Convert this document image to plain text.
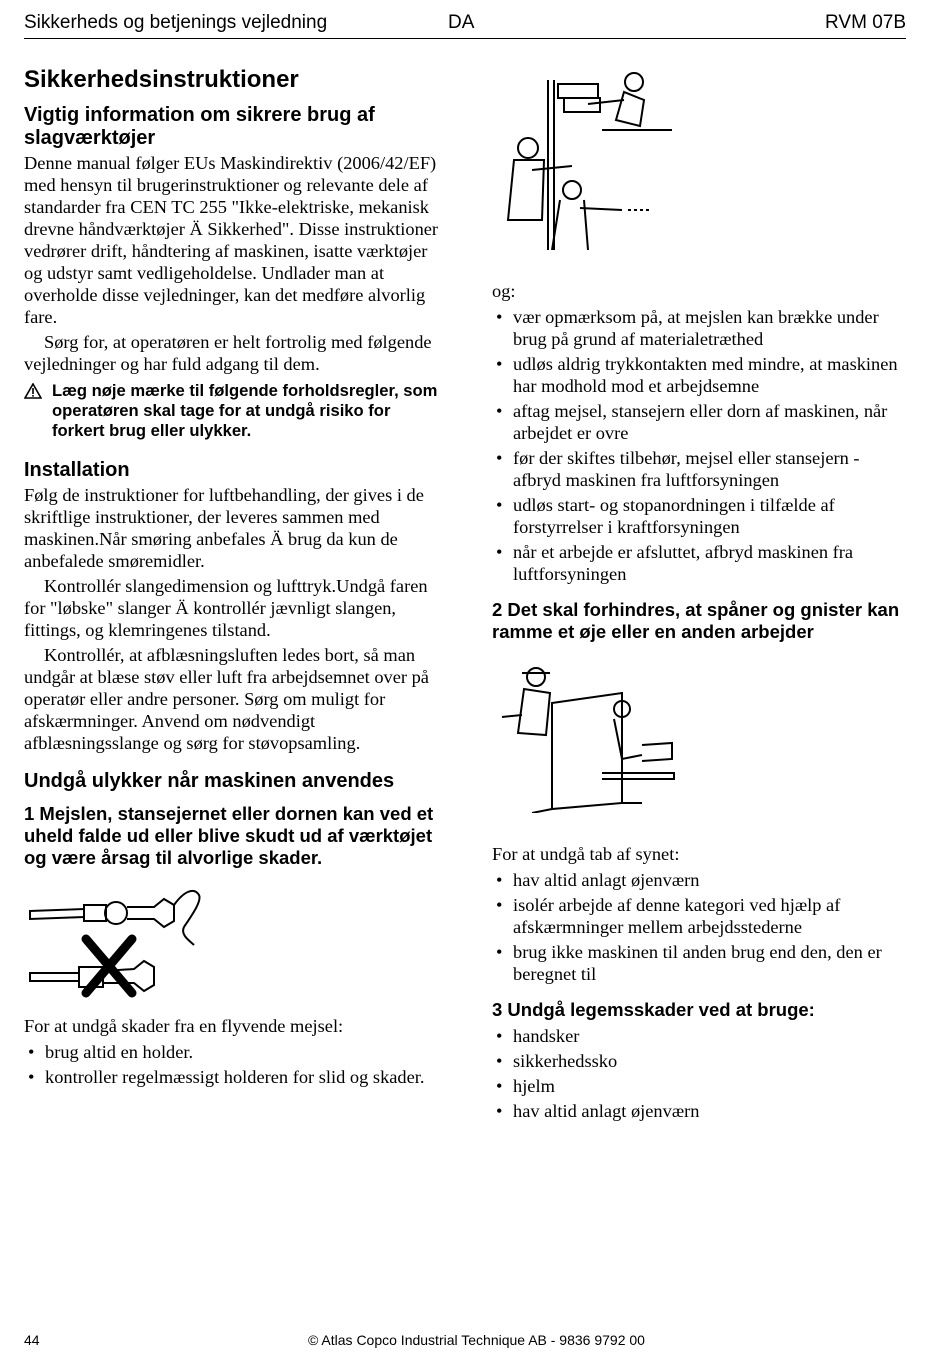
Sikkerheds og betjenings vejledning	DA	RVM 07B
Sikkerhedsinstruktioner
Vigtig information om sikrere brug af slagværktøjer

Denne manual følger EUs Maskindirektiv (2006/42/EF) med hensyn til brugerinstruktioner og relevante dele af standarder fra CEN TC 255 "Ikke-elektriske, mekanisk drevne håndværktøjer Ä Sikkerhed". Disse instruktioner vedrører drift, håndtering af maskinen, isatte værktøjer og udstyr samt vedligeholdelse. Undlader man at overholde disse vejledninger, kan det medføre alvorlig fare.

Sørg for, at operatøren er helt fortrolig med følgende vejledninger og har fuld adgang til dem.

Læg nøje mærke til følgende forholdsregler, som operatøren skal tage for at undgå risiko for forkert brug eller ulykker.
Installation

Følg de instruktioner for luftbehandling, der gives i de skriftlige instruktioner, der leveres sammen med maskinen.Når smøring anbefales Ä brug da kun de anbefalede smøremidler.

Kontrollér slangedimension og lufttryk.Undgå faren for "løbske" slanger Ä kontrollér jævnligt slangen, fittings, og klemringenes tilstand.

Kontrollér, at afblæsningsluften ledes bort, så man undgår at blæse støv eller luft fra arbejdsemnet over på operatør eller andre personer. Sørg om muligt for afskærmninger. Anvend om nødvendigt afblæsningsslange og sørg for støvopsamling.

Undgå ulykker når maskinen anvendes
1 Mejslen, stansejernet eller dornen kan ved et uheld falde ud eller blive skudt ud af værktøjet og være årsag til alvorlige skader.

For at undgå skader fra en flyvende mejsel:

• brug altid en holder.
• kontroller regelmæssigt holderen for slid og skader.

og:

• vær opmærksom på, at mejslen kan brække under brug på grund af materialetræthed
• udløs aldrig trykkontakten med mindre, at maskinen har modhold mod et arbejdsemne
• aftag mejsel, stansejern eller dorn af maskinen, når arbejdet er ovre
• før der skiftes tilbehør, mejsel eller stansejern - afbryd maskinen fra luftforsyningen
• udløs start- og stopanordningen i tilfælde af forstyrrelser i kraftforsyningen
• når et arbejde er afsluttet, afbryd maskinen fra luftforsyningen
2 Det skal forhindres, at spåner og gnister kan ramme et øje eller en anden arbejder

For at undgå tab af synet:

• hav altid anlagt øjenværn
• isolér arbejde af denne kategori ved hjælp af afskærmninger mellem arbejdsstederne
• brug ikke maskinen til anden brug end den, den er beregnet til
3 Undgå legemsskader ved at bruge:
• handsker
• sikkerhedssko
• hjelm
• hav altid anlagt øjenværn
44	© Atlas Copco Industrial Technique AB - 9836 9792 00
